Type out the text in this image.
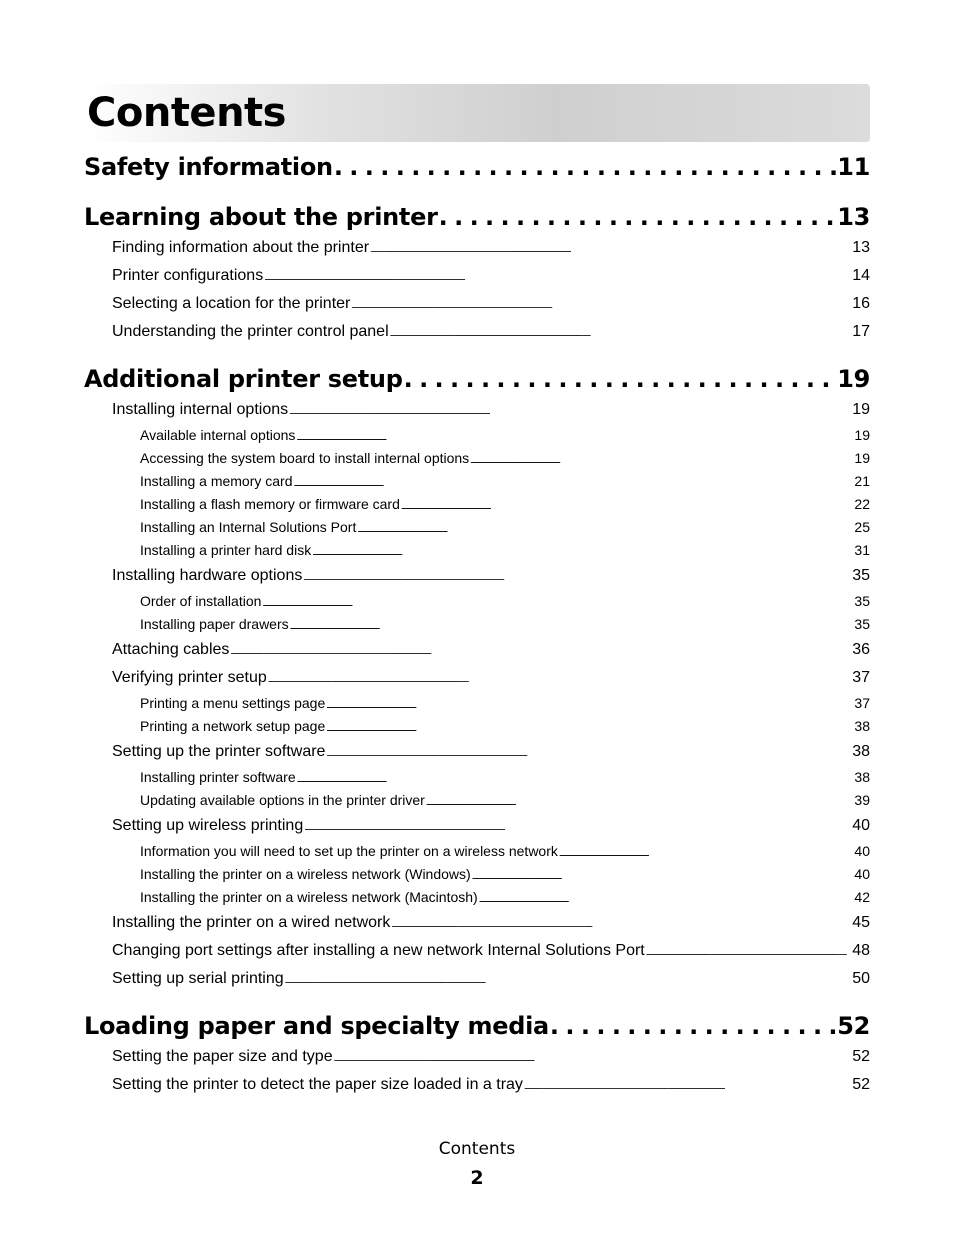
Contents
Safety information . . .	11
Learning about the printer . . .	13
Finding information about the printer . . .	13
Printer configurations . . .	14
Selecting a location for the printer . . .	16
Understanding the printer control panel . . .	17
Additional printer setup . . .	19
Installing internal options . . .	19
Available internal options . . .	19
Accessing the system board to install internal options . . .	19
Installing a memory card . . .	21
Installing a flash memory or firmware card . . .	22
Installing an Internal Solutions Port . . .	25
Installing a printer hard disk . . .	31
Installing hardware options . . .	35
Order of installation . . .	35
Installing paper drawers . . .	35
Attaching cables . . .	36
Verifying printer setup . . .	37
Printing a menu settings page . . .	37
Printing a network setup page . . .	38
Setting up the printer software . . .	38
Installing printer software . . .	38
Updating available options in the printer driver . . .	39
Setting up wireless printing . . .	40
Information you will need to set up the printer on a wireless network . . .	40
Installing the printer on a wireless network (Windows) . . .	40
Installing the printer on a wireless network (Macintosh) . . .	42
Installing the printer on a wired network . . .	45
Changing port settings after installing a new network Internal Solutions Port . . .	48
Setting up serial printing . . .	50
Loading paper and specialty media . . .	52
Setting the paper size and type . . .	52
Setting the printer to detect the paper size loaded in a tray . . .	52
Contents
2
